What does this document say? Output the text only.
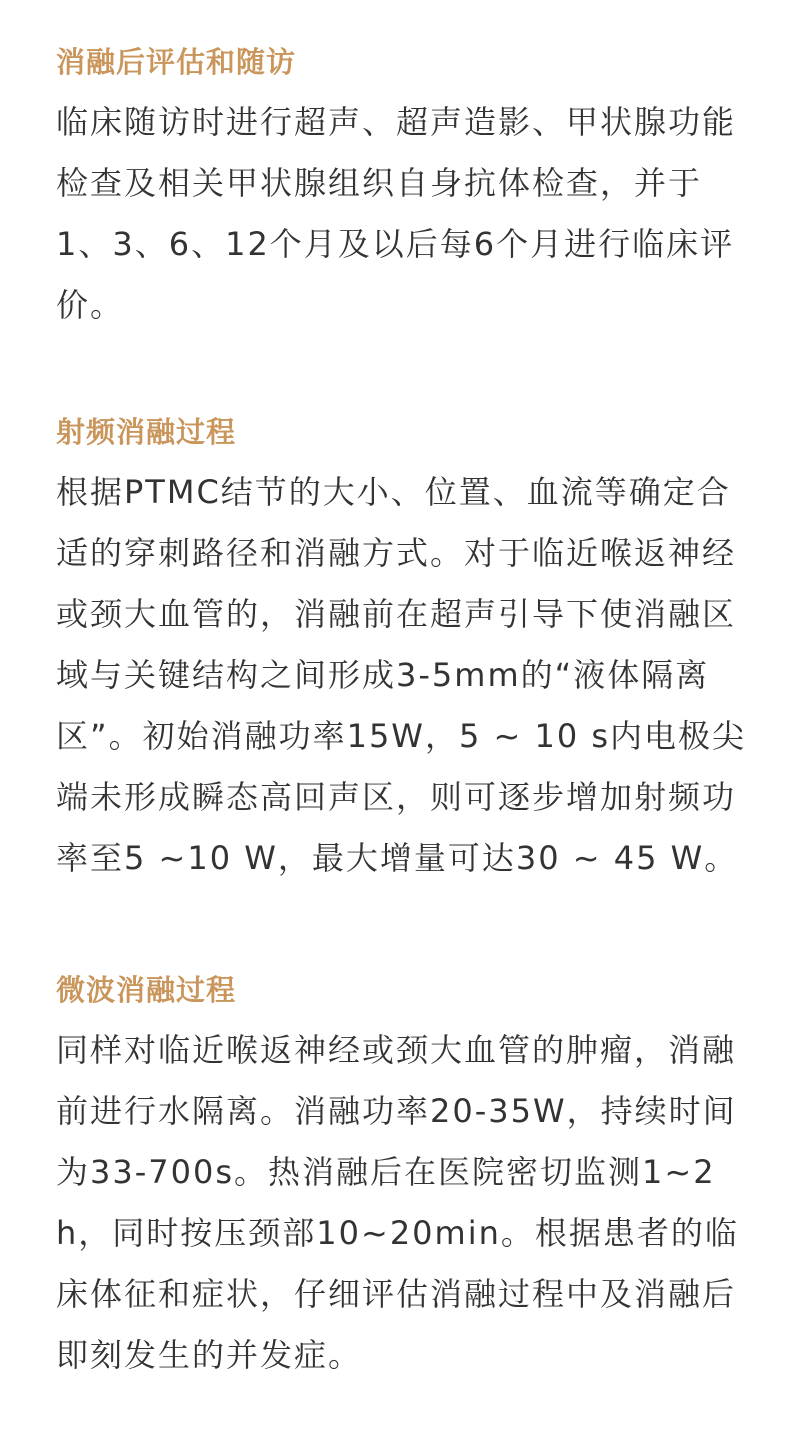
消融后评估和随访

临床随访时进行超声、超声造影、甲状腺功能

检查及相关甲状腺组织自身抗体检查，并于

1、3、6、12个月及以后每6个月进行临床评

价。

射频消融过程

根据PTMC结节的大小、位置、血流等确定合

适的穿刺路径和消融方式。对于临近喉返神经

或颈大血管的，消融前在超声引导下使消融区

域与关键结构之间形成3-5mm的“液体隔离

区”。初始消融功率15W，5 ~ 10 s内电极尖

端未形成瞬态高回声区，则可逐步增加射频功

率至5 ~10 W，最大增量可达30 ~ 45 W。

微波消融过程

同样对临近喉返神经或颈大血管的肿瘤，消融

前进行水隔离。消融功率20-35W，持续时间

为33-700s。热消融后在医院密切监测1~2

h，同时按压颈部10~20min。根据患者的临

床体征和症状，仔细评估消融过程中及消融后

即刻发生的并发症。
